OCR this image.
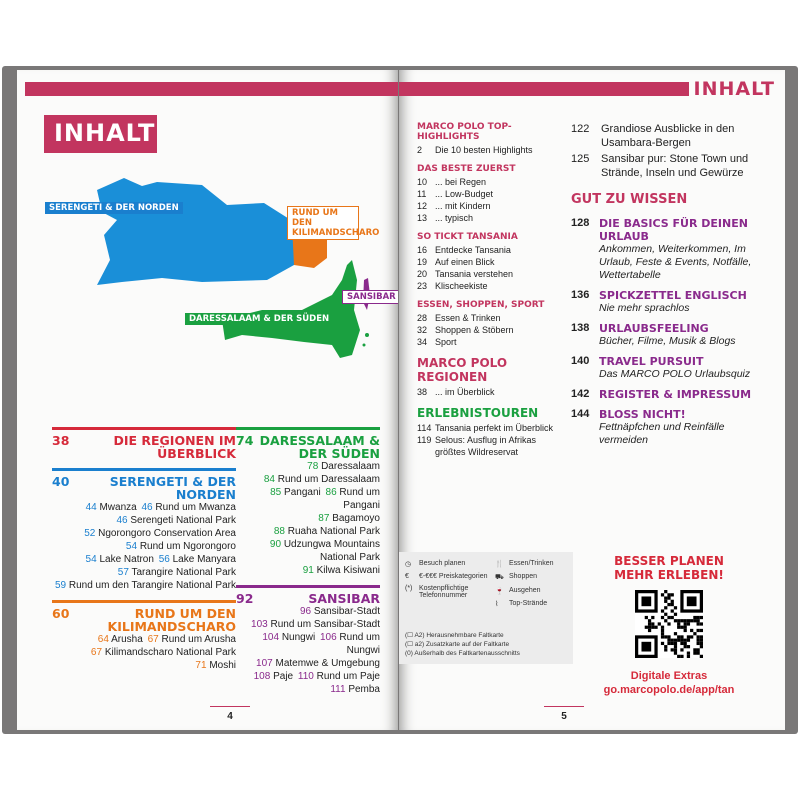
INHALT
SERENGETI & DER NORDEN	RUND UM DEN KILIMANDSCHARO
DARESSALAAM & DER SÜDEN
SANSIBAR
38	DIE REGIONEN IM ÜBERBLICK
40	SERENGETI & DER NORDEN
44 Mwanza 46 Rund um Mwanza
46 Serengeti National Park
52 Ngorongoro Conservation Area
54 Rund um Ngorongoro
54 Lake Natron 56 Lake Manyara
57 Tarangire National Park
59 Rund um den Tarangire National Park
60	RUND UM DEN KILIMANDSCHARO
64 Arusha 67 Rund um Arusha
67 Kilimandscharo National Park
71 Moshi
74 DARESSALAAM & DER SÜDEN
78 Daressalaam
84 Rund um Daressalaam
85 Pangani 86 Rund um Pangani
87 Bagamoyo
88 Ruaha National Park
90 Udzungwa Mountains National Park
91 Kilwa Kisiwani
92	SANSIBAR
96 Sansibar-Stadt
103 Rund um Sansibar-Stadt
104 Nungwi 106 Rund um Nungwi
107 Matemwe & Umgebung
108 Paje 110 Rund um Paje
111 Pemba
4
INHALT
MARCO POLO TOP-HIGHLIGHTS
2	Die 10 besten Highlights
DAS BESTE ZUERST
10 ... bei Regen
11 ... Low-Budget
12 ... mit Kindern
13 ... typisch
SO TICKT TANSANIA
16 Entdecke Tansania
19 Auf einen Blick
20 Tansania verstehen
23 Klischeekiste
ESSEN, SHOPPEN, SPORT
28 Essen & Trinken
32 Shoppen & Stöbern
34 Sport
MARCO POLO REGIONEN
38 ... im Überblick
ERLEBNISTOUREN
114 Tansania perfekt im Überblick
119 Selous: Ausflug in Afrikas größtes Wildreservat
122	Grandiose Ausblicke in den Usambara-Bergen
125	Sansibar pur: Stone Town und Strände, Inseln und Gewürze
GUT ZU WISSEN
128 DIE BASICS FÜR DEINEN URLAUB
Ankommen, Weiterkommen, Im Urlaub, Feste & Events, Notfälle, Wettertabelle
136 SPICKZETTEL ENGLISCH
Nie mehr sprachlos
138 URLAUBSFEELING
Bücher, Filme, Musik & Blogs
140 TRAVEL PURSUIT
Das MARCO POLO Urlaubsquiz
142 REGISTER & IMPRESSUM
144 BLOSS NICHT!
Fettnäpfchen und Reinfälle vermeiden
◷	Besuch planen
€	€-€€€ Preiskategorien
(*) Kostenpflichtige Telefonnummer
🍴 Essen/Trinken
⛟ Shoppen
🍷 Ausgehen
⌇	Top-Strände
(☐ A2) Herausnehmbare Faltkarte
(☐ a2) Zusatzkarte auf der Faltkarte
(0) Außerhalb des Faltkartenausschnitts
BESSER PLANEN
MEHR ERLEBEN!
Digitale Extras
go.marcopolo.de/app/tan
5
